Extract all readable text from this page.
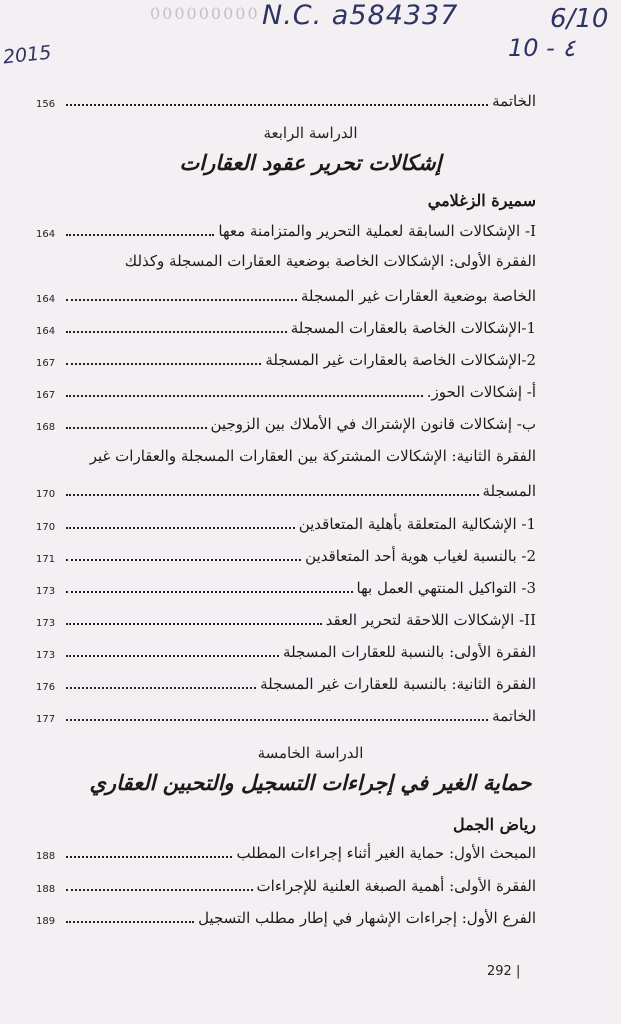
000000000 N.C. a584337	6/10
2015	10 - ٤
الخاتمة
156
الدراسة الرابعة
إشكالات تحرير عقود العقارات
سميرة الزغلامي
I- الإشكالات السابقة لعملية التحرير والمتزامنة معها
164
الفقرة الأولى: الإشكالات الخاصة بوضعية العقارات المسجلة وكذلك
الخاصة بوضعية العقارات غير المسجلة
164
1-الإشكالات الخاصة بالعقارات المسجلة
164
2-الإشكالات الخاصة بالعقارات غير المسجلة
167
أ- إشكالات الحوز.
167
ب- إشكالات قانون الإشتراك في الأملاك بين الزوجين
168
الفقرة الثانية: الإشكالات المشتركة بين العقارات المسجلة والعقارات غير
المسجلة
170
1- الإشكالية المتعلقة بأهلية المتعاقدين
170
2- بالنسبة لغياب هوية أحد المتعاقدين
171
3- التواكيل المنتهي العمل بها
173
II- الإشكالات اللاحقة لتحرير العقد
173
الفقرة الأولى: بالنسبة للعقارات المسجلة
173
الفقرة الثانية: بالنسبة للعقارات غير المسجلة
176
الخاتمة
177
الدراسة الخامسة
حماية الغير في إجراءات التسجيل والتحبين العقاري
رياض الجمل
المبحث الأول: حماية الغير أثناء إجراءات المطلب
188
الفقرة الأولى: أهمية الصبغة العلنية للإجراءات
188
الفرع الأول: إجراءات الإشهار في إطار مطلب التسجيل
189
292 |
